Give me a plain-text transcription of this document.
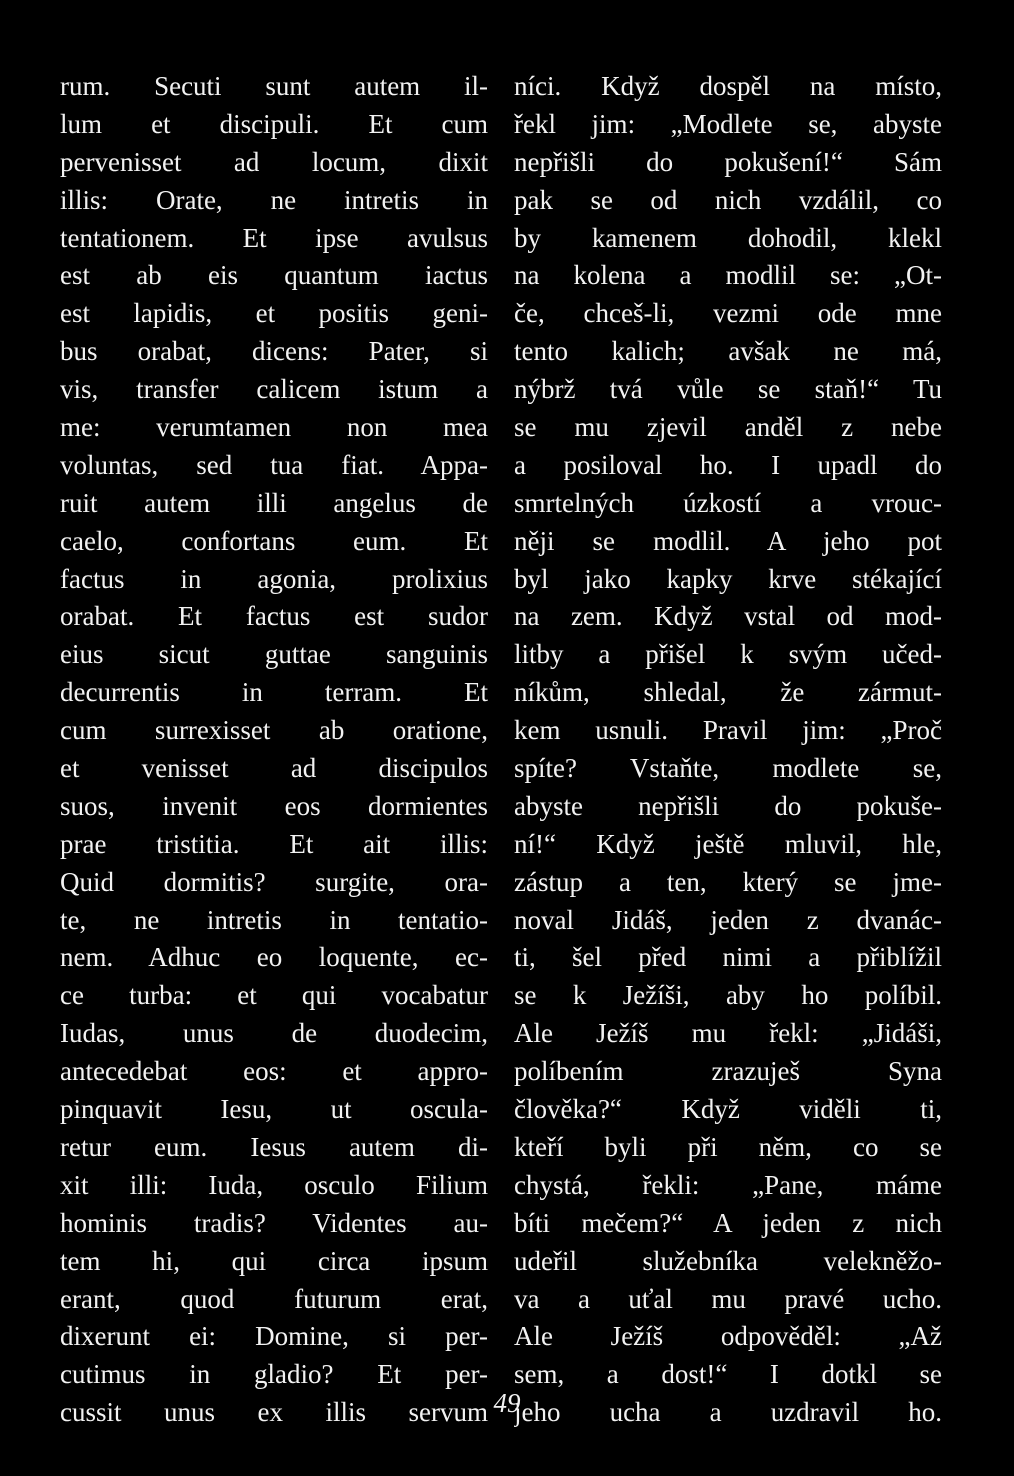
rum. Secuti sunt autem il-
lum et discipuli. Et cum
pervenisset ad locum, dixit
illis: Orate, ne intretis in
tentationem. Et ipse avulsus
est ab eis quantum iactus
est lapidis, et positis geni-
bus orabat, dicens: Pater, si
vis, transfer calicem istum a
me: verumtamen non mea
voluntas, sed tua fiat. Appa-
ruit autem illi angelus de
caelo, confortans eum. Et
factus in agonia, prolixius
orabat. Et factus est sudor
eius sicut guttae sanguinis
decurrentis in terram. Et
cum surrexisset ab oratione,
et venisset ad discipulos
suos, invenit eos dormientes
prae tristitia. Et ait illis:
Quid dormitis? surgite, ora-
te, ne intretis in tentatio-
nem. Adhuc eo loquente, ec-
ce turba: et qui vocabatur
Iudas, unus de duodecim,
antecedebat eos: et appro-
pinquavit Iesu, ut oscula-
retur eum. Iesus autem di-
xit illi: Iuda, osculo Filium
hominis tradis? Videntes au-
tem hi, qui circa ipsum
erant, quod futurum erat,
dixerunt ei: Domine, si per-
cutimus in gladio? Et per-
cussit unus ex illis servum
níci. Když dospěl na místo,
řekl jim: „Modlete se, abyste
nepřišli do pokušení!“ Sám
pak se od nich vzdálil, co
by kamenem dohodil, klekl
na kolena a modlil se: „Ot-
če, chceš-li, vezmi ode mne
tento kalich; avšak ne má,
nýbrž tvá vůle se staň!“ Tu
se mu zjevil anděl z nebe
a posiloval ho. I upadl do
smrtelných úzkostí a vrouc-
něji se modlil. A jeho pot
byl jako kapky krve stékající
na zem. Když vstal od mod-
litby a přišel k svým učed-
níkům, shledal, že zármut-
kem usnuli. Pravil jim: „Proč
spíte? Vstaňte, modlete se,
abyste nepřišli do pokuše-
ní!“ Když ještě mluvil, hle,
zástup a ten, který se jme-
noval Jidáš, jeden z dvanác-
ti, šel před nimi a přiblížil
se k Ježíši, aby ho políbil.
Ale Ježíš mu řekl: „Jidáši,
políbením zrazuješ Syna
člověka?“ Když viděli ti,
kteří byli při něm, co se
chystá, řekli: „Pane, máme
bíti mečem?“ A jeden z nich
udeřil služebníka velekněžo-
va a uťal mu pravé ucho.
Ale Ježíš odpověděl: „Až
sem, a dost!“ I dotkl se
jeho ucha a uzdravil ho.
49
